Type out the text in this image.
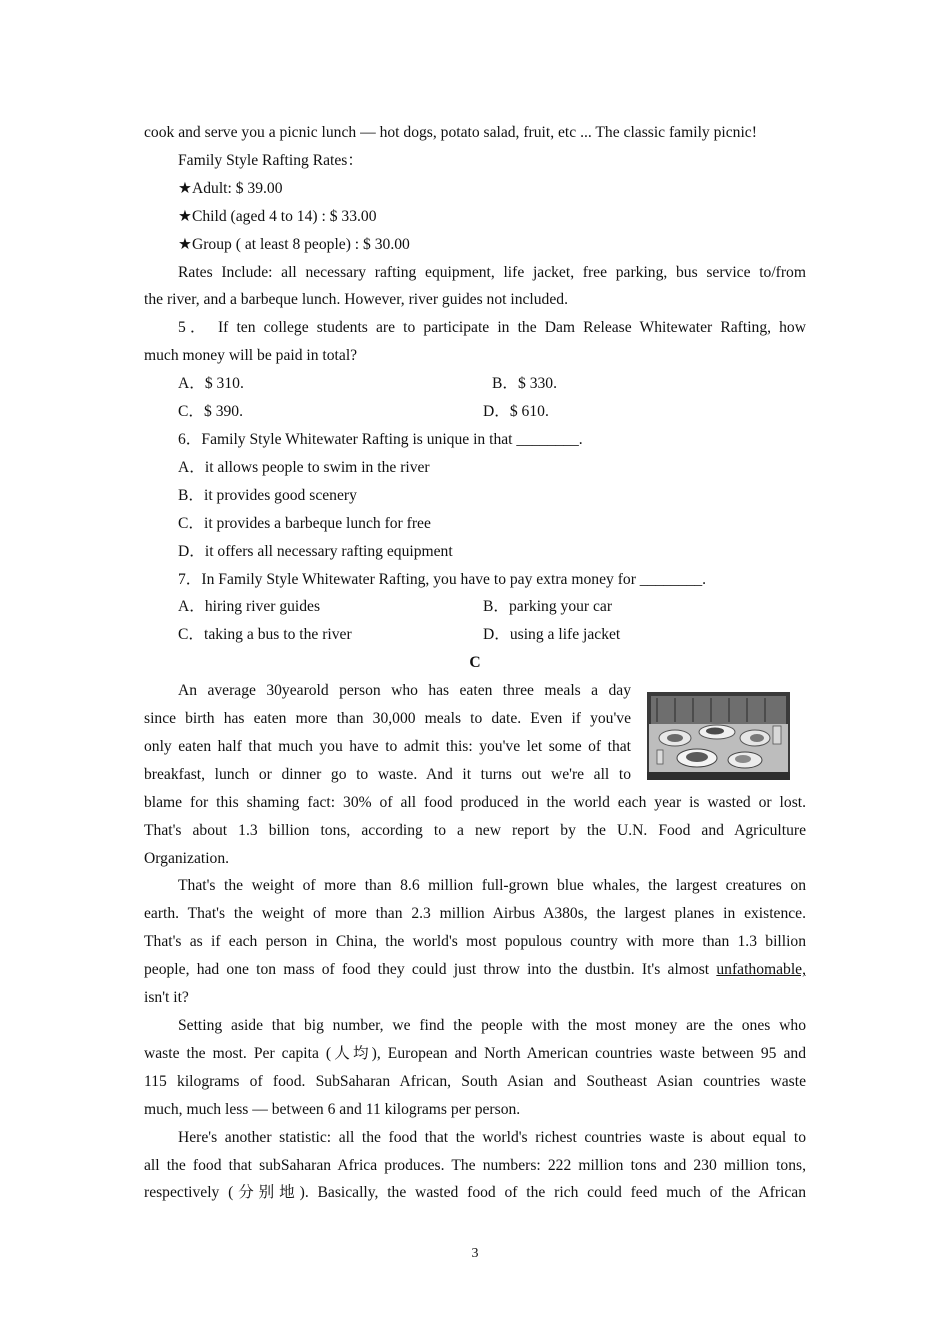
cook and serve you a picnic lunch — hot dogs, potato salad, fruit, etc ... The classic family picnic!
Family Style Rafting Rates：
★Adult: $ 39.00
★Child (aged 4 to 14) : $ 33.00
★Group ( at least 8 people) : $ 30.00
Rates Include: all necessary rafting equipment, life jacket, free parking, bus service to/from
the river, and a barbeque lunch. However, river guides not included.
5． If ten college students are to participate in the Dam Release Whitewater Rafting, how
much money will be paid in total?
A．$ 310.	B．$ 330.
C．$ 390.	D．$ 610.
6．Family Style Whitewater Rafting is unique in that ________.
A．it allows people to swim in the river
B．it provides good scenery
C．it provides a barbeque lunch for free
D．it offers all necessary rafting equipment
7．In Family Style Whitewater Rafting, you have to pay extra money for ________.
A．hiring river guides	B．parking your car
C．taking a bus to the river	D．using a life jacket
C
An average 30yearold person who has eaten three meals a day
since birth has eaten more than 30,000 meals to date. Even if you've
only eaten half that much you have to admit this: you've let some of that
breakfast, lunch or dinner go to waste. And it turns out we're all to
blame for this shaming fact: 30% of all food produced in the world each year is wasted or lost.
That's about 1.3 billion tons, according to a new report by the U.N. Food and Agriculture
Organization.
That's the weight of more than 8.6 million full-grown blue whales, the largest creatures on
earth. That's the weight of more than 2.3 million Airbus A380s, the largest planes in existence.
That's as if each person in China, the world's most populous country with more than 1.3 billion
people, had one ton mass of food they could just throw into the dustbin. It's almost unfathomable,
isn't it?
Setting aside that big number, we find the people with the most money are the ones who
waste the most. Per capita (人均), European and North American countries waste between 95 and
115 kilograms of food. SubSaharan African, South Asian and Southeast Asian countries waste
much, much less — between 6 and 11 kilograms per person.
Here's another statistic: all the food that the world's richest countries waste is about equal to
all the food that subSaharan Africa produces. The numbers: 222 million tons and 230 million tons,
respectively (分别地). Basically, the wasted food of the rich could feed much of the African
3
